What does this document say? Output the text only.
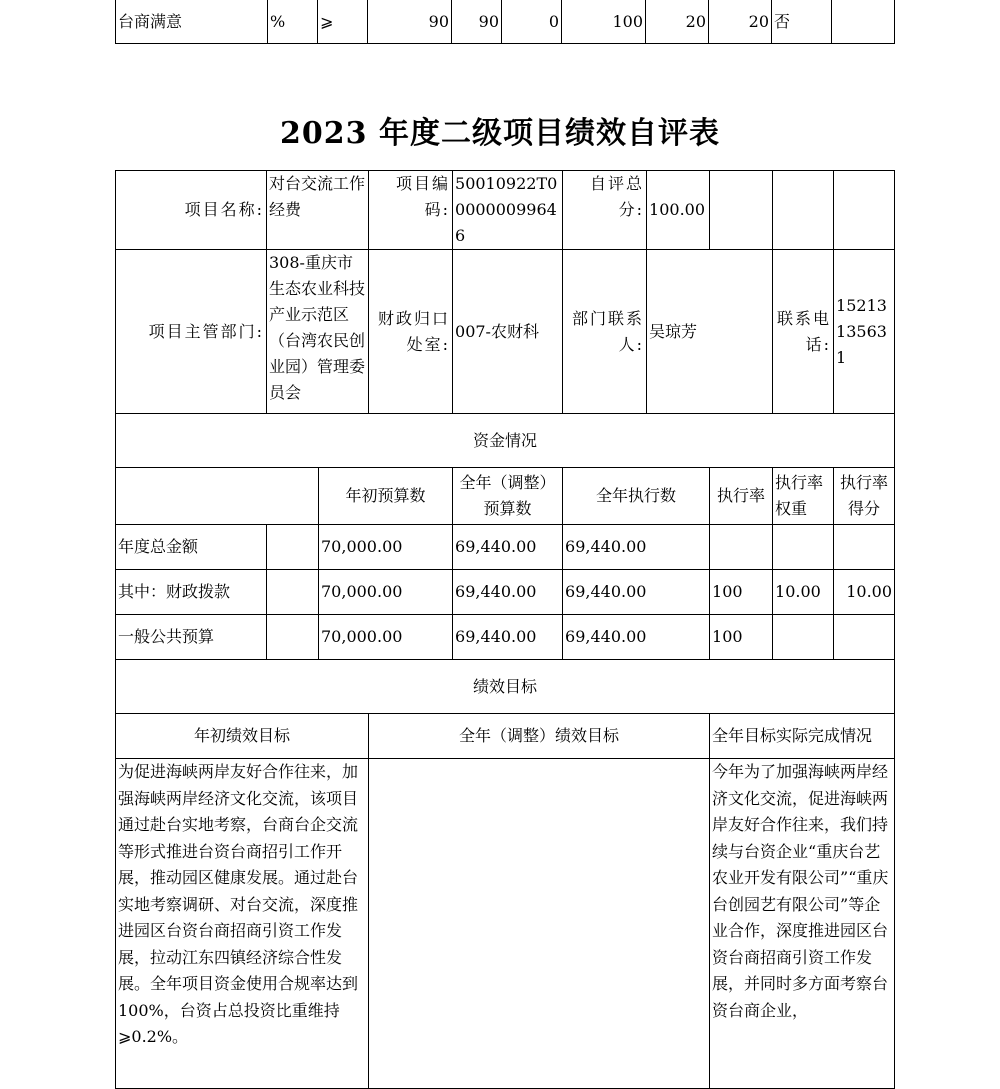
台商满意	%	⩾	90	90	0	100	20	20	否	
2023 年度二级项目绩效自评表
项目名称:	对台交流工作经费		项目编码:	50010922T000000099646	自评总分:	100.00			
项目主管部门:	308-重庆市生态农业科技产业示范区（台湾农民创业园）管理委员会		财政归口处室:	007-农财科	部门联系人:	吴琼芳		联系电话:	15213135631
资金情况									
		年初预算数		全年（调整）预算数	全年执行数		执行率	执行率权重	执行率得分
年度总金额		70,000.00		69,440.00	69,440.00				
其中：财政拨款		70,000.00		69,440.00	69,440.00		100	10.00	10.00
一般公共预算		70,000.00		69,440.00	69,440.00		100		
绩效目标									
年初绩效目标			全年（调整）绩效目标				全年目标实际完成情况		
为促进海峡两岸友好合作往来，加强海峡两岸经济文化交流，该项目通过赴台实地考察，台商台企交流等形式推进台资台商招引工作开展，推动园区健康发展。通过赴台实地考察调研、对台交流，深度推进园区台资台商招商引资工作发展，拉动江东四镇经济综合性发展。全年项目资金使用合规率达到 100%，台资占总投资比重维持⩾0.2%。							今年为了加强海峡两岸经济文化交流，促进海峡两岸友好合作往来，我们持续与台资企业“重庆台艺农业开发有限公司”“重庆台创园艺有限公司”等企业合作，深度推进园区台资台商招商引资工作发展，并同时多方面考察台资台商企业，		
